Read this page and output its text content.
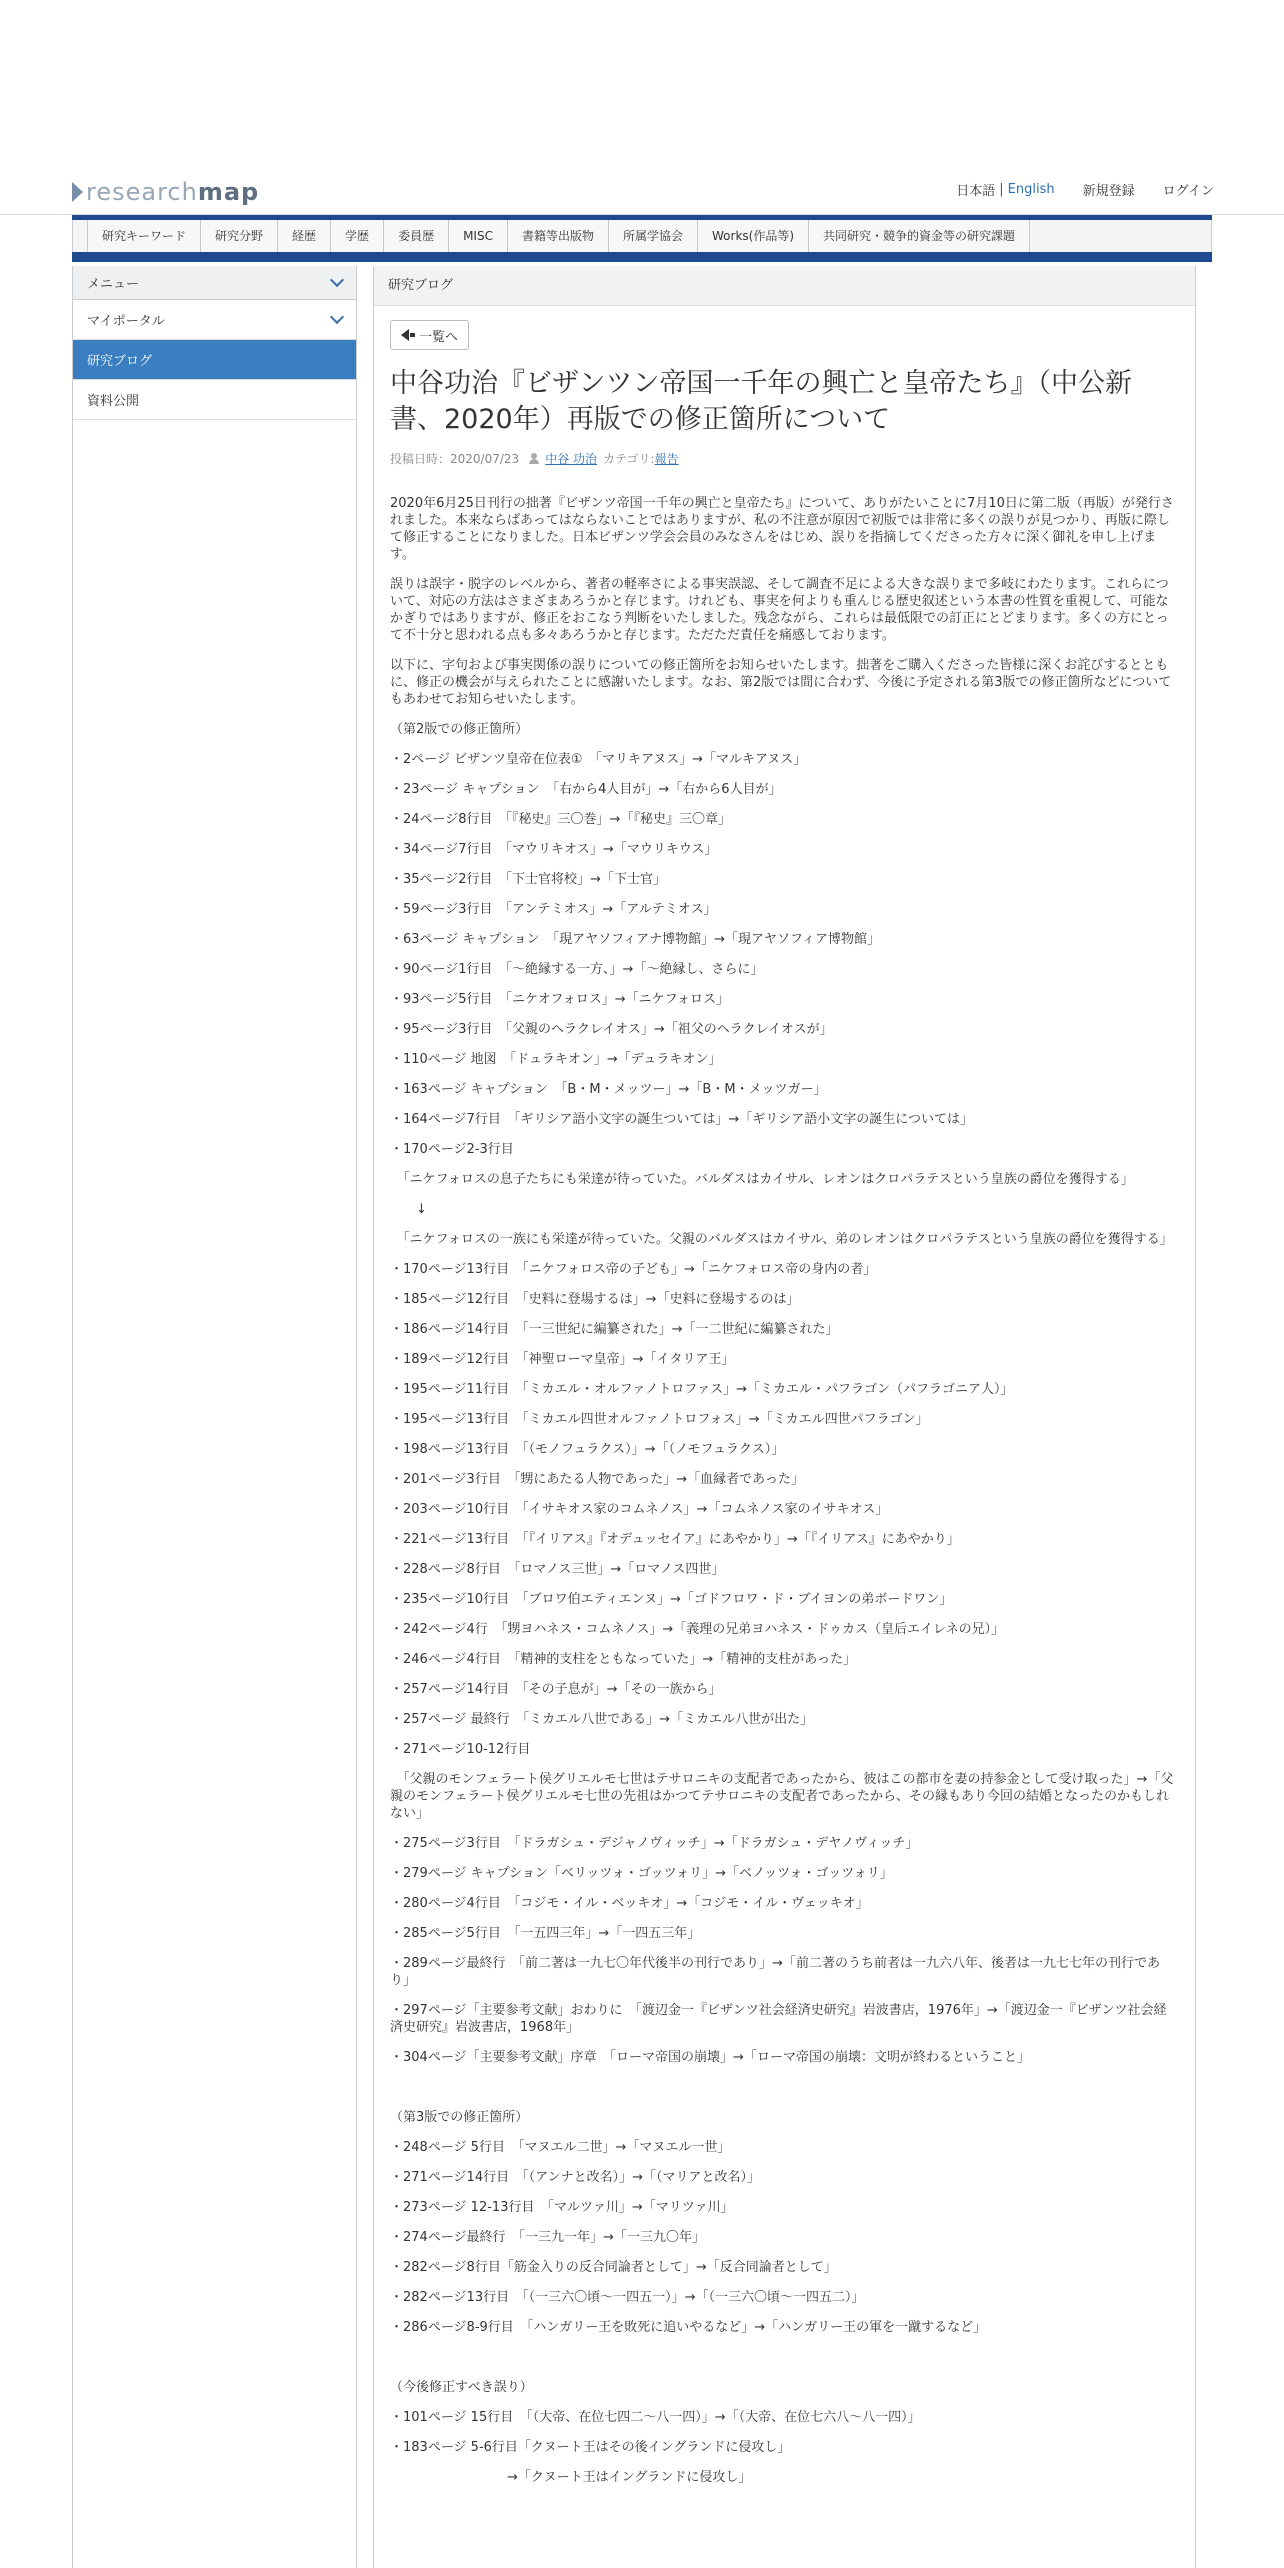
research map	日本語 | English 新規登録 ログイン
研究キーワード	研究分野	経歴	学歴	委員歴	MISC	書籍等出版物	所属学協会	Works(作品等)	共同研究・競争的資金等の研究課題
メニュー
マイポータル
研究ブログ
資料公開
研究ブログ
一覧へ
中谷功治『ビザンツン帝国一千年の興亡と皇帝たち』（中公新書、2020年）再版での修正箇所について
投稿日時： 2020/07/23 中谷 功治 カテゴリ: 報告

2020年6月25日刊行の拙著『ビザンツ帝国一千年の興亡と皇帝たち』について、ありがたいことに7月10日に第二版（再版）が発行されました。本来ならばあってはならないことではありますが、私の不注意が原因で初版では非常に多くの誤りが見つかり、再版に際して修正することになりました。日本ビザンツ学会会員のみなさんをはじめ、誤りを指摘してくださった方々に深く御礼を申し上げます。

誤りは誤字・脱字のレベルから、著者の軽率さによる事実誤認、そして調査不足による大きな誤りまで多岐にわたります。これらについて、対応の方法はさまざまあろうかと存じます。けれども、事実を何よりも重んじる歴史叙述という本書の性質を重視して、可能なかぎりではありますが、修正をおこなう判断をいたしました。残念ながら、これらは最低限での訂正にとどまります。多くの方にとって不十分と思われる点も多々あろうかと存じます。ただただ責任を痛感しております。

以下に、字句および事実関係の誤りについての修正箇所をお知らせいたします。拙著をご購入くださった皆様に深くお詫びするとともに、修正の機会が与えられたことに感謝いたします。なお、第2版では間に合わず、今後に予定される第3版での修正箇所などについてもあわせてお知らせいたします。

（第2版での修正箇所）

・2ページ ビザンツ皇帝在位表①　「マリキアヌス」→「マルキアヌス」

・23ページ キャプション　「右から4人目が」→「右から6人目が」

・24ページ8行目　「『秘史』三〇巻」→「『秘史』三〇章」

・34ページ7行目　「マウリキオス」→「マウリキウス」

・35ページ2行目　「下士官将校」→「下士官」

・59ページ3行目　「アンテミオス」→「アルテミオス」

・63ページ キャプション　「現アヤソフィアナ博物館」→「現アヤソフィア博物館」

・90ページ1行目　「〜絶縁する一方、」→「〜絶縁し、さらに」

・93ページ5行目　「ニケオフォロス」→「ニケフォロス」

・95ページ3行目　「父親のヘラクレイオス」→「祖父のヘラクレイオスが」

・110ページ 地図　「ドュラキオン」→「デュラキオン」

・163ページ キャプション　「B・M・メッツー」→「B・M・メッツガー」

・164ページ7行目　「ギリシア語小文字の誕生ついては」→「ギリシア語小文字の誕生については」

・170ページ2-3行目

　「ニケフォロスの息子たちにも栄達が待っていた。バルダスはカイサル、レオンはクロパラテスという皇族の爵位を獲得する」

　　↓

　「ニケフォロスの一族にも栄達が待っていた。父親のバルダスはカイサル、弟のレオンはクロパラテスという皇族の爵位を獲得する」

・170ページ13行目　「ニケフォロス帝の子ども」→「ニケフォロス帝の身内の者」

・185ページ12行目　「史料に登場するは」→「史料に登場するのは」

・186ページ14行目　「一三世紀に編纂された」→「一二世紀に編纂された」

・189ページ12行目　「神聖ローマ皇帝」→「イタリア王」

・195ページ11行目　「ミカエル・オルファノトロファス」→「ミカエル・パフラゴン（パフラゴニア人）」

・195ページ13行目　「ミカエル四世オルファノトロフォス」→「ミカエル四世パフラゴン」

・198ページ13行目　「（モノフュラクス）」→「（ノモフュラクス）」

・201ページ3行目　「甥にあたる人物であった」→「血縁者であった」

・203ページ10行目　「イサキオス家のコムネノス」→「コムネノス家のイサキオス」

・221ページ13行目　「『イリアス』『オデュッセイア』にあやかり」→「『イリアス』にあやかり」

・228ページ8行目　「ロマノス三世」→「ロマノス四世」

・235ページ10行目　「ブロワ伯エティエンヌ」→「ゴドフロワ・ド・ブイヨンの弟ボードワン」

・242ページ4行　「甥ヨハネス・コムネノス」→「義理の兄弟ヨハネス・ドゥカス（皇后エイレネの兄）」

・246ページ4行目　「精神的支柱をともなっていた」→「精神的支柱があった」

・257ページ14行目　「その子息が」→「その一族から」

・257ページ 最終行　「ミカエル八世である」→「ミカエル八世が出た」

・271ページ10-12行目

　「父親のモンフェラート侯グリエルモ七世はテサロニキの支配者であったから、彼はこの都市を妻の持参金として受け取った」→「父親のモンフェラート侯グリエルモ七世の先祖はかつてテサロニキの支配者であったから、その縁もあり今回の結婚となったのかもしれない」

・275ページ3行目　「ドラガシュ・デジャノヴィッチ」→「ドラガシュ・デヤノヴィッチ」

・279ページ キャプション「ベリッツォ・ゴッツォリ」→「ベノッツォ・ゴッツォリ」

・280ページ4行目　「コジモ・イル・ベッキオ」→「コジモ・イル・ヴェッキオ」

・285ページ5行目　「一五四三年」→「一四五三年」

・289ページ最終行　「前二著は一九七〇年代後半の刊行であり」→「前二著のうち前者は一九六八年、後者は一九七七年の刊行であり」

・297ページ「主要参考文献」おわりに　「渡辺金一『ビザンツ社会経済史研究』岩波書店，1976年」→「渡辺金一『ビザンツ社会経済史研究』岩波書店，1968年」

・304ページ「主要参考文献」序章　「ローマ帝国の崩壊」→「ローマ帝国の崩壊：文明が終わるということ」

（第3版での修正箇所）

・248ページ 5行目　「マヌエル二世」→「マヌエル一世」

・271ページ14行目　「（アンナと改名）」→「（マリアと改名）」

・273ページ 12-13行目　「マルツァ川」→「マリツァ川」

・274ページ最終行　「一三九一年」→「一三九〇年」

・282ページ8行目「筋金入りの反合同論者として」→「反合同論者として」

・282ページ13行目　「（一三六〇頃～一四五一）」→「（一三六〇頃～一四五二）」

・286ページ8-9行目　「ハンガリー王を敗死に追いやるなど」→「ハンガリー王の軍を一蹴するなど」

（今後修正すべき誤り）

・101ページ 15行目　「（大帝、在位七四二～八一四）」→「（大帝、在位七六八～八一四）」

・183ページ 5-6行目「クヌート王はその後イングランドに侵攻し」

　　　　　　　　　→「クヌート王はイングランドに侵攻し」
